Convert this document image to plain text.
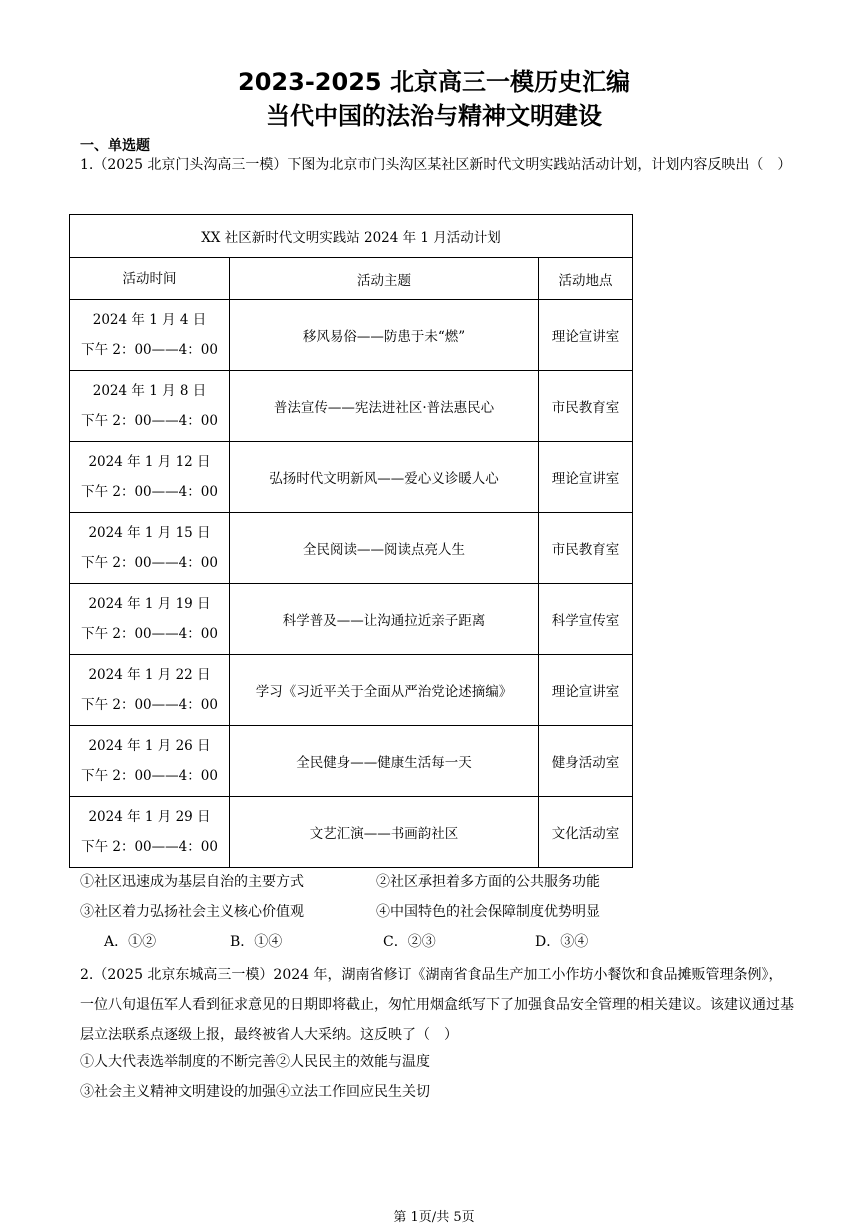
2023-2025 北京高三一模历史汇编
当代中国的法治与精神文明建设
一、单选题
1.（2025 北京门头沟高三一模）下图为北京市门头沟区某社区新时代文明实践站活动计划，计划内容反映出（　）
XX 社区新时代文明实践站 2024 年 1 月活动计划		
活动时间	活动主题	活动地点

2024 年 1 月 4 日
下午 2：00——4：00	移风易俗——防患于未“燃”	理论宣讲室

2024 年 1 月 8 日
下午 2：00——4：00	普法宣传——宪法进社区·普法惠民心	市民教育室

2024 年 1 月 12 日
下午 2：00——4：00	弘扬时代文明新风——爱心义诊暖人心	理论宣讲室

2024 年 1 月 15 日
下午 2：00——4：00	全民阅读——阅读点亮人生	市民教育室

2024 年 1 月 19 日
下午 2：00——4：00	科学普及——让沟通拉近亲子距离	科学宣传室

2024 年 1 月 22 日
下午 2：00——4：00	学习《习近平关于全面从严治党论述摘编》	理论宣讲室

2024 年 1 月 26 日
下午 2：00——4：00	全民健身——健康生活每一天	健身活动室

2024 年 1 月 29 日
下午 2：00——4：00	文艺汇演——书画韵社区	文化活动室
①社区迅速成为基层自治的主要方式	②社区承担着多方面的公共服务功能
③社区着力弘扬社会主义核心价值观	④中国特色的社会保障制度优势明显
A．①②	B．①④	C．②③	D．③④
2.（2025 北京东城高三一模）2024 年，湖南省修订《湖南省食品生产加工小作坊小餐饮和食品摊贩管理条例》，一位八旬退伍军人看到征求意见的日期即将截止，匆忙用烟盒纸写下了加强食品安全管理的相关建议。该建议通过基层立法联系点逐级上报，最终被省人大采纳。这反映了（　）
①人大代表选举制度的不断完善②人民民主的效能与温度
③社会主义精神文明建设的加强④立法工作回应民生关切
第 1页/共 5页
